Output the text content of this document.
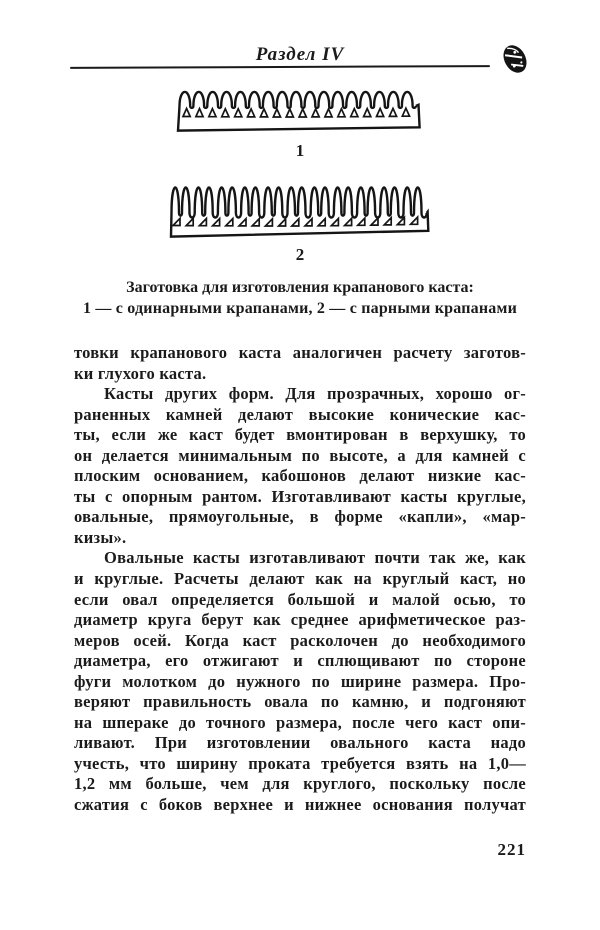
Раздел IV
1
2
Заготовка для изготовления крапанового каста:
1 — с одинарными крапанами, 2 — с парными крапанами
товки крапанового каста аналогичен расчету заготов-
ки глухого каста.
Касты других форм. Для прозрачных, хорошо ог-
раненных камней делают высокие конические кас-
ты, если же каст будет вмонтирован в верхушку, то
он делается минимальным по высоте, а для камней с
плоским основанием, кабошонов делают низкие кас-
ты с опорным рантом. Изготавливают касты круглые,
овальные, прямоугольные, в форме «капли», «мар-
кизы».
Овальные касты изготавливают почти так же, как
и круглые. Расчеты делают как на круглый каст, но
если овал определяется большой и малой осью, то
диаметр круга берут как среднее арифметическое раз-
меров осей. Когда каст расколочен до необходимого
диаметра, его отжигают и сплющивают по стороне
фуги молотком до нужного по ширине размера. Про-
веряют правильность овала по камню, и подгоняют
на шпераке до точного размера, после чего каст опи-
ливают. При изготовлении овального каста надо
учесть, что ширину проката требуется взять на 1,0—
1,2 мм больше, чем для круглого, поскольку после
сжатия с боков верхнее и нижнее основания получат
221
